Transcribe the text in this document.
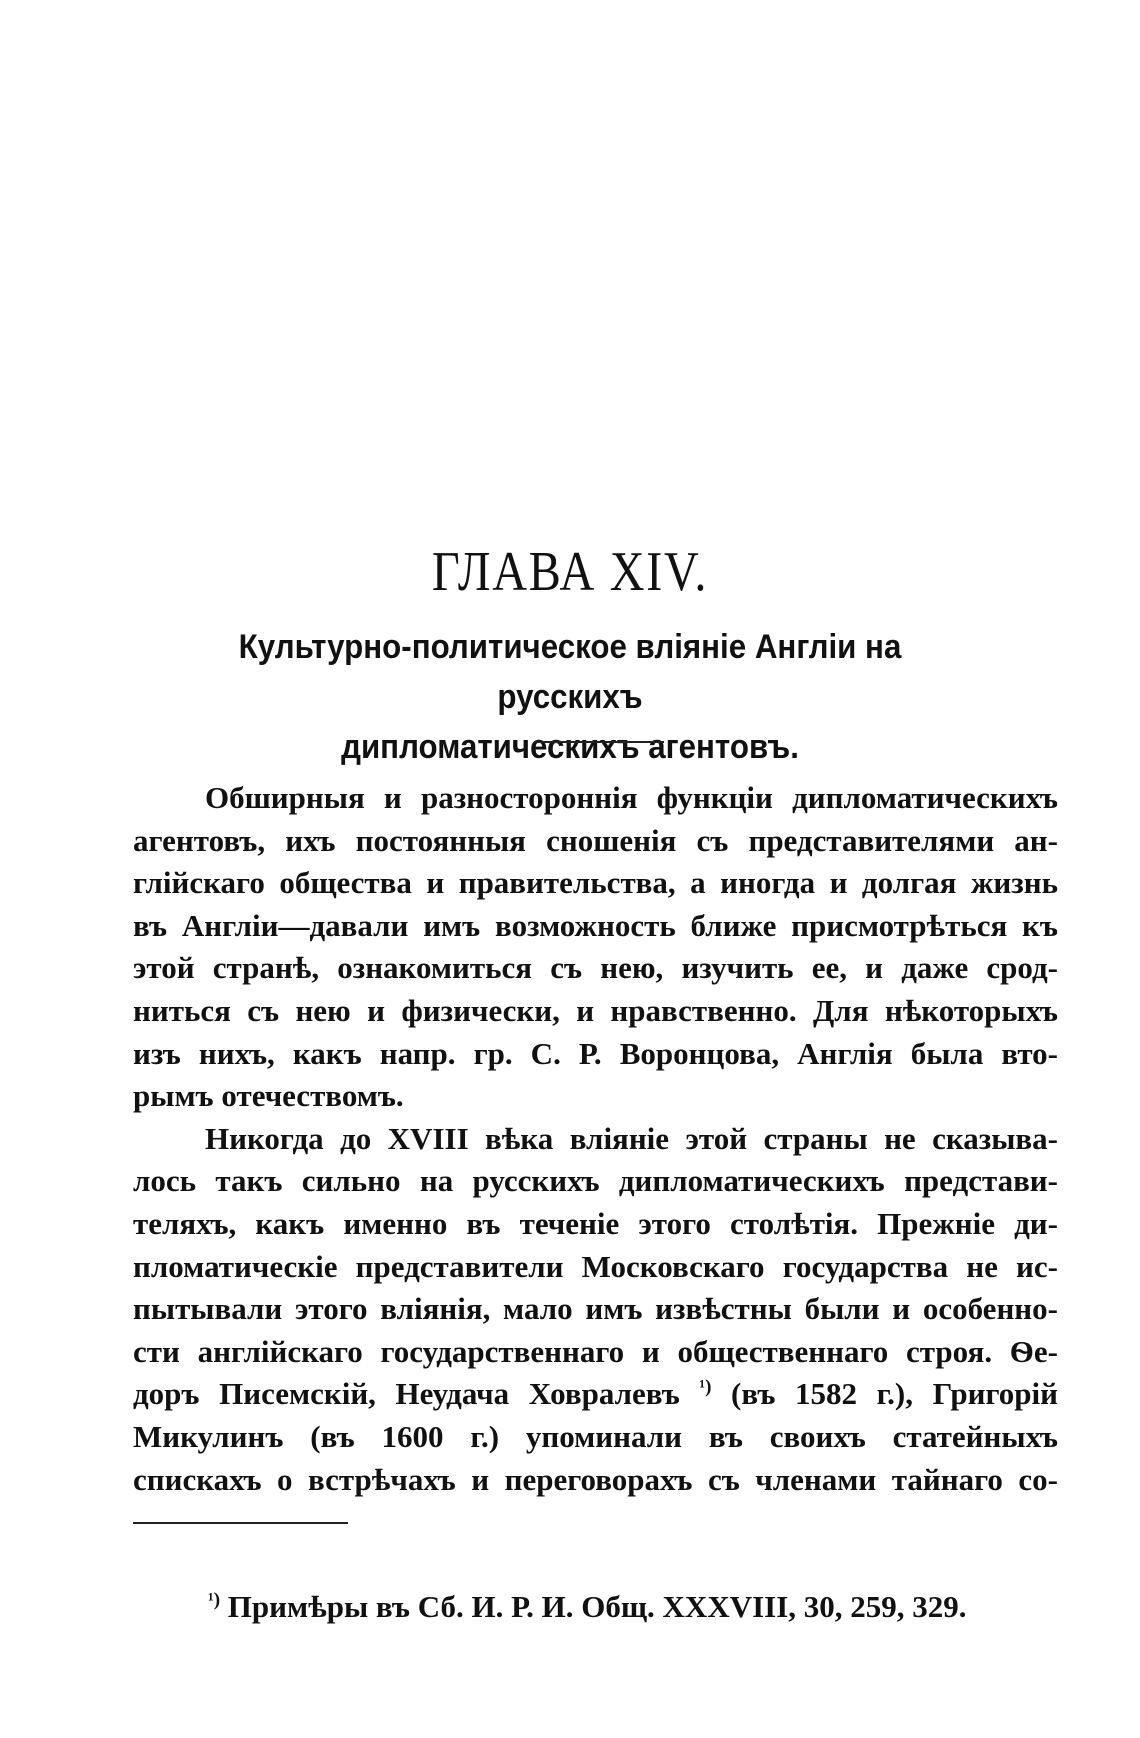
ГЛАВА XIV.
Культурно-политическое вліяніе Англіи на русскихъ
дипломатическихъ агентовъ.
Обширныя и разностороннія функціи дипломатическихъ
агентовъ, ихъ постоянныя сношенія съ представителями ан-
глійскаго общества и правительства, а иногда и долгая жизнь
въ Англіи—давали имъ возможность ближе присмотрѣться къ
этой странѣ, ознакомиться съ нею, изучить ее, и даже срод-
ниться съ нею и физически, и нравственно. Для нѣкоторыхъ
изъ нихъ, какъ напр. гр. С. Р. Воронцова, Англія была вто-
рымъ отечествомъ.
Никогда до XVIII вѣка вліяніе этой страны не сказыва-
лось такъ сильно на русскихъ дипломатическихъ представи-
теляхъ, какъ именно въ теченіе этого столѣтія. Прежніе ди-
пломатическіе представители Московскаго государства не ис-
пытывали этого вліянія, мало имъ извѣстны были и особенно-
сти англійскаго государственнаго и общественнаго строя. Ѳе-
доръ Писемскій, Неудача Ховралевъ $^{^1)}$ (въ 1582 г.), Григорій
Микулинъ (въ 1600 г.) упоминали въ своихъ статейныхъ
спискахъ о встрѣчахъ и переговорахъ съ членами тайнаго со-
$^{^1)}$ Примѣры въ Сб. И. Р. И. Общ. XXXVIII, 30, 259, 329.
